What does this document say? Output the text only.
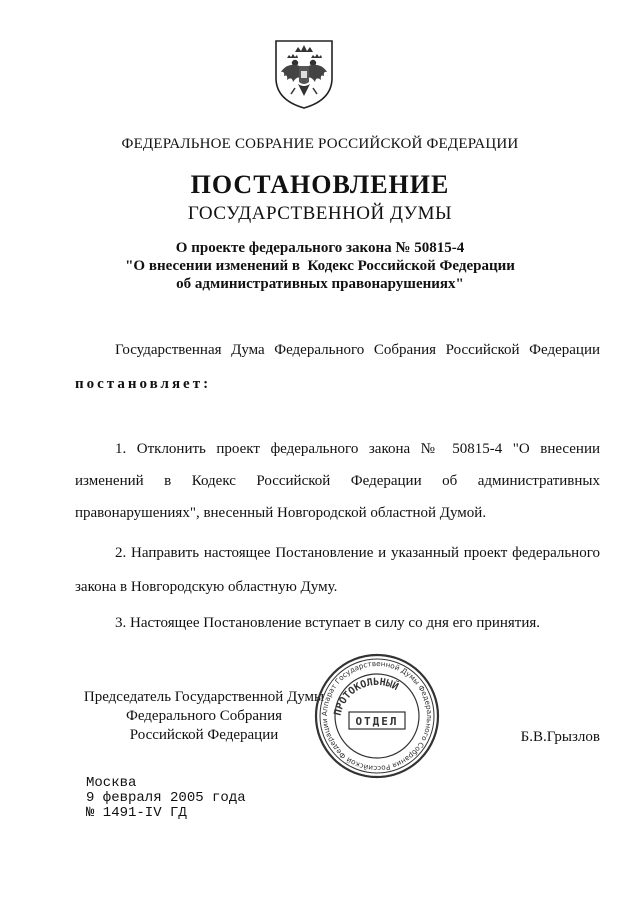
ФЕДЕРАЛЬНОЕ СОБРАНИЕ РОССИЙСКОЙ ФЕДЕРАЦИИ
ПОСТАНОВЛЕНИЕ
ГОСУДАРСТВЕННОЙ ДУМЫ
О проекте федерального закона № 50815-4
"О внесении изменений в  Кодекс Российской Федерации
об административных правонарушениях"
Государственная Дума Федерального Собрания Российской Федерации постановляет:
1. Отклонить проект федерального закона № 50815-4 "О внесении изменений в Кодекс Российской Федерации об административных правонарушениях", внесенный Новгородской областной Думой.
2. Направить настоящее Постановление и указанный проект федерального закона в Новгородскую областную Думу.
3. Настоящее Постановление вступает в силу со дня его принятия.
Председатель Государственной Думы
Федерального Собрания
Российской Федерации
Аппарат Государственной Думы Федерального Собрания Российской Федерации
ПРОТОКОЛЬНЫЙ
ОТДЕЛ
Б.В.Грызлов
Москва
9 февраля 2005 года
№ 1491-IV ГД
